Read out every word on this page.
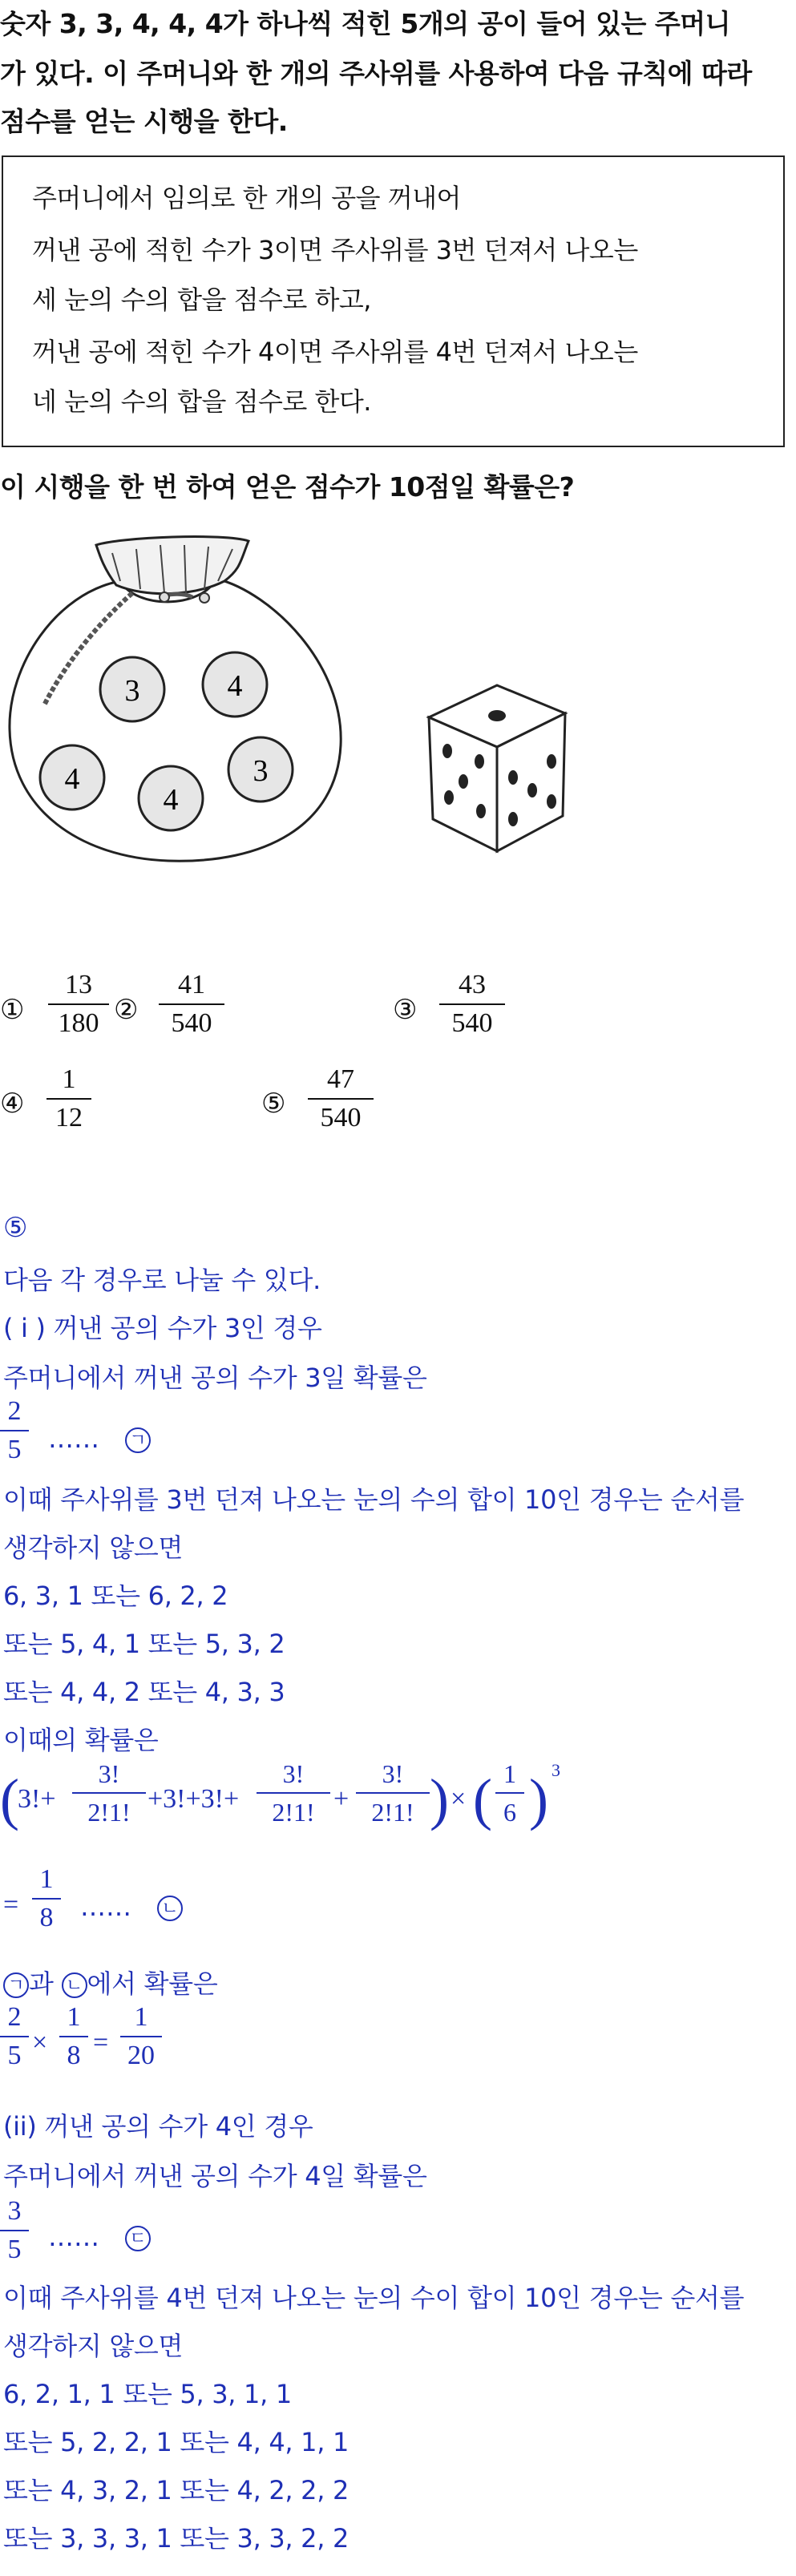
숫자 3, 3, 4, 4, 4가 하나씩 적힌 5개의 공이 들어 있는 주머니
가 있다. 이 주머니와 한 개의 주사위를 사용하여 다음 규칙에 따라
점수를 얻는 시행을 한다.
주머니에서 임의로 한 개의 공을 꺼내어
꺼낸 공에 적힌 수가 3이면 주사위를 3번 던져서 나오는
세 눈의 수의 합을 점수로 하고,
꺼낸 공에 적힌 수가 4이면 주사위를 4번 던져서 나오는
네 눈의 수의 합을 점수로 한다.
이 시행을 한 번 하여 얻은 점수가 10점일 확률은?
3	4
4
4
3
①
13
180 ②
41
540	③
43
540
④
1
12	⑤
47
540
⑤
다음 각 경우로 나눌 수 있다.
( i ) 꺼낸 공의 수가 3인 경우
주머니에서 꺼낸 공의 수가 3일 확률은
2
5 …… ㄱ
이때 주사위를 3번 던져 나오는 눈의 수의 합이 10인 경우는 순서를
생각하지 않으면
6, 3, 1 또는 6, 2, 2
또는 5, 4, 1 또는 5, 3, 2
또는 4, 4, 2 또는 4, 3, 3
이때의 확률은
(
3!+
3!
2!1! +3!+3!+
3!
2!1! +
3!
2!1! ) × ( 1
6 ) 3
=
1
8 …… ㄴ
ㄱ 과 ㄴ 에서 확률은
2
5 ×
1
8 =
1
20
(ii) 꺼낸 공의 수가 4인 경우
주머니에서 꺼낸 공의 수가 4일 확률은
3
5 …… ㄷ
이때 주사위를 4번 던져 나오는 눈의 수이 합이 10인 경우는 순서를
생각하지 않으면
6, 2, 1, 1 또는 5, 3, 1, 1
또는 5, 2, 2, 1 또는 4, 4, 1, 1
또는 4, 3, 2, 1 또는 4, 2, 2, 2
또는 3, 3, 3, 1 또는 3, 3, 2, 2
